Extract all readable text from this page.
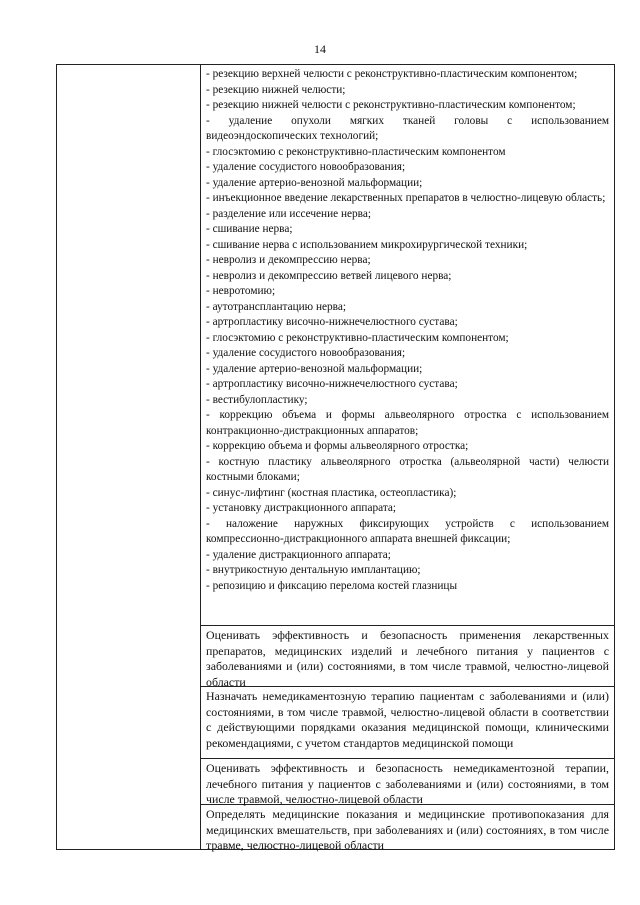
14
- резекцию верхней челюсти с реконструктивно-пластическим компонентом;
- резекцию нижней челюсти;
- резекцию нижней челюсти с реконструктивно-пластическим компонентом;
- удаление опухоли мягких тканей головы с использованием видеоэндоскопических технологий;
- глосэктомию с реконструктивно-пластическим компонентом
- удаление сосудистого новообразования;
- удаление артерио-венозной мальформации;
- инъекционное введение лекарственных препаратов в челюстно-лицевую область;
- разделение или иссечение нерва;
- сшивание нерва;
- сшивание нерва с использованием микрохирургической техники;
- невролиз и декомпрессию нерва;
- невролиз и декомпрессию ветвей лицевого нерва;
- невротомию;
- аутотрансплантацию нерва;
- артропластику височно-нижнечелюстного сустава;
- глосэктомию с реконструктивно-пластическим компонентом;
- удаление сосудистого новообразования;
- удаление артерио-венозной мальформации;
- артропластику височно-нижнечелюстного сустава;
- вестибулопластику;
- коррекцию объема и формы альвеолярного отростка с использованием контракционно-дистракционных аппаратов;
- коррекцию объема и формы альвеолярного отростка;
- костную пластику альвеолярного отростка (альвеолярной части) челюсти костными блоками;
- синус-лифтинг (костная пластика, остеопластика);
- установку дистракционного аппарата;
- наложение наружных фиксирующих устройств с использованием компрессионно-дистракционного аппарата внешней фиксации;
- удаление дистракционного аппарата;
- внутрикостную дентальную имплантацию;
- репозицию и фиксацию перелома костей глазницы
Оценивать эффективность и безопасность применения лекарственных препаратов, медицинских изделий и лечебного питания у пациентов с заболеваниями и (или) состояниями, в том числе травмой, челюстно-лицевой области
Назначать немедикаментозную терапию пациентам с заболеваниями и (или) состояниями, в том числе травмой, челюстно-лицевой области в соответствии с действующими порядками оказания медицинской помощи, клиническими рекомендациями, с учетом стандартов медицинской помощи
Оценивать эффективность и безопасность немедикаментозной терапии, лечебного питания у пациентов с заболеваниями и (или) состояниями, в том числе травмой, челюстно-лицевой области
Определять медицинские показания и медицинские противопоказания для медицинских вмешательств, при заболеваниях и (или) состояниях, в том числе травме, челюстно-лицевой области
